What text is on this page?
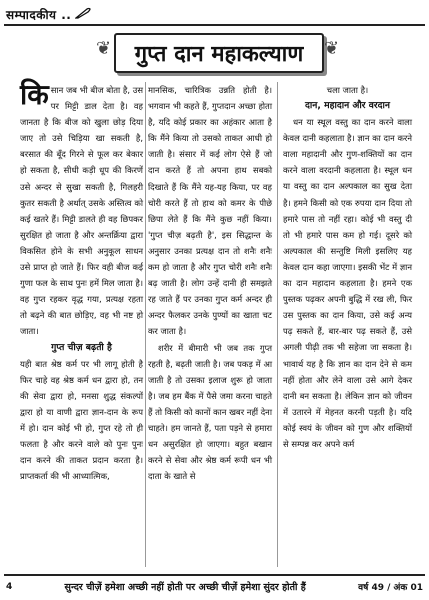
सम्पादकीय ..
❦ गुप्त दान महाकल्याण ❦

किसान जब भी बीज बोता है, उस पर मिट्टी डाल देता है। वह जानता है कि बीज को खुला छोड़ दिया जाए तो उसे चिड़िया खा सकती है, बरसात की बूँद गिरने से फूल कर बेकार हो सकता है, सीधी कड़ी धूप की किरणें उसे अन्दर से सुखा सकती है, गिलहरी कुतर सकती है अर्थात् उसके अस्तित्व को कई खतरे हैं। मिट्टी डालते ही वह छिपकर सुरक्षित हो जाता है और अन्तर्क्रिया द्वारा विकसित होने के सभी अनुकूल साधन उसे प्राप्त हो जाते हैं। फिर वही बीज कई गुणा फल के साथ पुनः हमें मिल जाता है। वह गुप्त रहकर वृद्ध गया, प्रत्यक्ष रहता तो बढ़ने की बात छोड़िए, वह भी नष्ट हो जाता।

गुप्त चीज़ बढ़ती है

यही बात श्रेष्ठ कर्म पर भी लागू होती है फिर चाहे वह श्रेष्ठ कर्म धन द्वारा हो, तन की सेवा द्वारा हो, मनसा शुद्ध संकल्पों द्वारा हो या वाणी द्वारा ज्ञान-दान के रूप में हो। दान कोई भी हो, गुप्त रहे तो ही फलता है और करने वाले को पुनः पुनः दान करने की ताकत प्रदान करता है। प्राप्तकर्ता की भी आध्यात्मिक,

मानसिक, चारित्रिक उन्नति होती है। भगवान भी कहते हैं, गुप्तदान अच्छा होता है, यदि कोई प्रकार का अहंकार आता है कि मैंने किया तो उसको ताकत आधी हो जाती है। संसार में कई लोग ऐसे हैं जो दान करते हैं तो अपना हाथ सबको दिखाते हैं कि मैंने यह-यह किया, पर वह चोरी करते हैं तो हाथ को कमर के पीछे छिपा लेते हैं कि मैंने कुछ नहीं किया। 'गुप्त चीज़ बढ़ती है', इस सिद्धान्त के अनुसार उनका प्रत्यक्ष दान तो शनैः शनैः कम हो जाता है और गुप्त चोरी शनैः शनैः बढ़ जाती है। लोग उन्हें दानी ही समझते रह जाते हैं पर उनका गुप्त कर्म अन्दर ही अन्दर फैलकर उनके पुण्यों का खाता चट कर जाता है।

शरीर में बीमारी भी जब तक गुप्त रहती है, बढ़ती जाती है। जब पकड़ में आ जाती है तो उसका इलाज शुरू हो जाता है। जब हम बैंक में पैसे जमा करना चाहते हैं तो किसी को कानों कान खबर नहीं देना चाहते। हम जानते हैं, पता पड़ने से हमारा धन असुरक्षित हो जाएगा। बहुत बखान करने से सेवा और श्रेष्ठ कर्म रूपी धन भी दाता के खाते से

चला जाता है।

दान, महादान और वरदान

धन या स्थूल वस्तु का दान करने वाला केवल दानी कहलाता है। ज्ञान का दान करने वाला महादानी और गुण-शक्तियों का दान करने वाला वरदानी कहलाता है। स्थूल धन या वस्तु का दान अल्पकाल का सुख देता है। हमने किसी को एक रुपया दान दिया तो हमारे पास तो नहीं रहा। कोई भी वस्तु दी तो भी हमारे पास कम हो गई। दूसरे को अल्पकाल की सन्तुष्टि मिली इसलिए यह केवल दान कहा जाएगा। इसकी भेंट में ज्ञान का दान महादान कहलाता है। हमने एक पुस्तक पढ़कर अपनी बुद्धि में रख ली, फिर उस पुस्तक का दान किया, उसे कई अन्य पढ़ सकते हैं, बार-बार पढ़ सकते हैं, उसे अगली पीढ़ी तक भी सहेजा जा सकता है। भावार्थ यह है कि ज्ञान का दान देने से कम नहीं होता और लेने वाला उसे आगे देकर दानी बन सकता है। लेकिन ज्ञान को जीवन में उतारने में मेहनत करनी पड़ती है। यदि कोई स्वयं के जीवन को गुण और शक्तियों से सम्पन्न कर अपने कर्म

4	सुन्दर चीज़ें हमेशा अच्छी नहीं होती पर अच्छी चीज़ें हमेशा सुंदर होती हैं	वर्ष 49 / अंक 01
